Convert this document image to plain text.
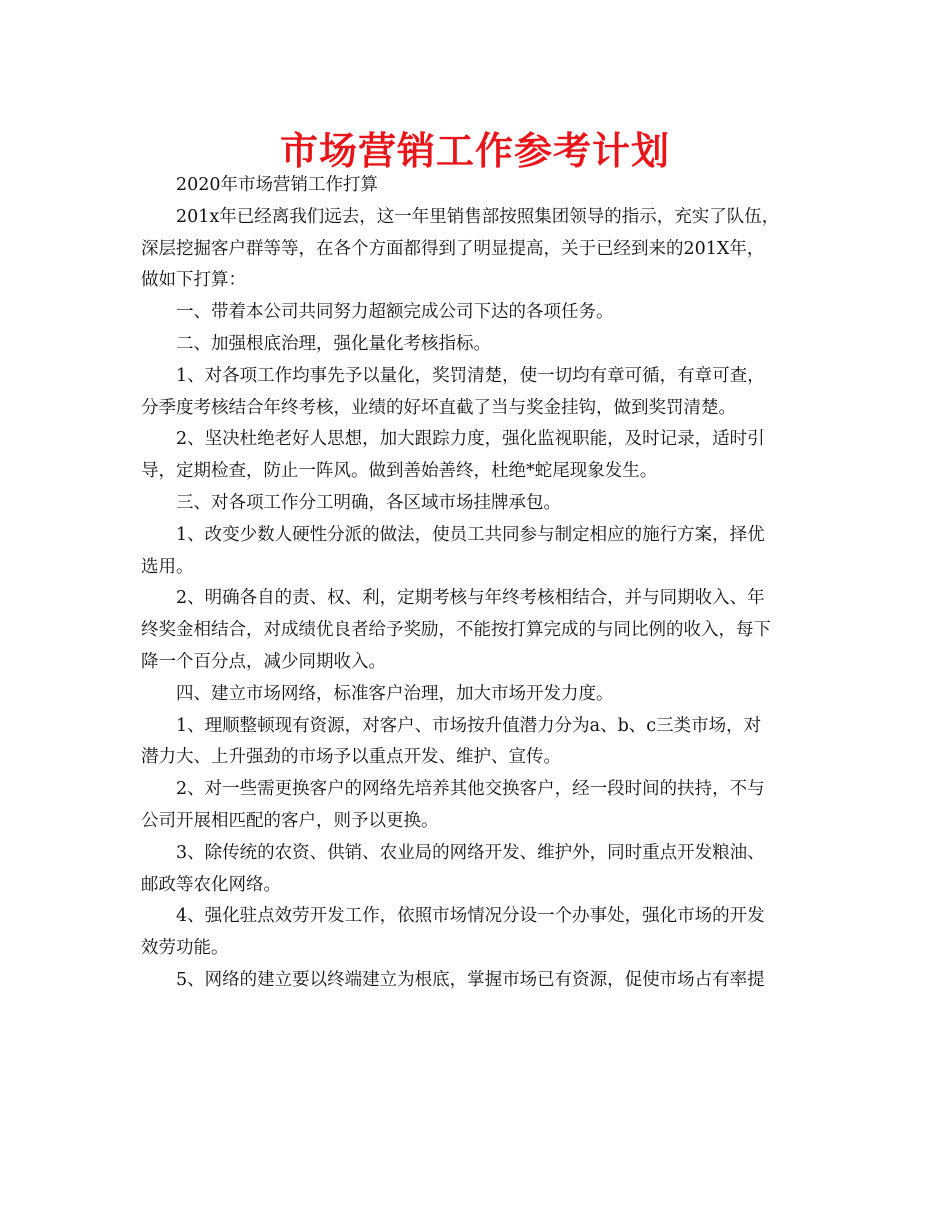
市场营销工作参考计划

2020年市场营销工作打算

201x年已经离我们远去，这一年里销售部按照集团领导的指示，充实了队伍，
深层挖掘客户群等等，在各个方面都得到了明显提高，关于已经到来的201X年，
做如下打算：

一、带着本公司共同努力超额完成公司下达的各项任务。

二、加强根底治理，强化量化考核指标。

1、对各项工作均事先予以量化，奖罚清楚，使一切均有章可循，有章可查，
分季度考核结合年终考核，业绩的好坏直截了当与奖金挂钩，做到奖罚清楚。

2、坚决杜绝老好人思想，加大跟踪力度，强化监视职能，及时记录，适时引
导，定期检查，防止一阵风。做到善始善终，杜绝*蛇尾现象发生。

三、对各项工作分工明确，各区域市场挂牌承包。

1、改变少数人硬性分派的做法，使员工共同参与制定相应的施行方案，择优
选用。

2、明确各自的责、权、利，定期考核与年终考核相结合，并与同期收入、年
终奖金相结合，对成绩优良者给予奖励，不能按打算完成的与同比例的收入，每下
降一个百分点，减少同期收入。

四、建立市场网络，标准客户治理，加大市场开发力度。

1、理顺整顿现有资源，对客户、市场按升值潜力分为a、b、c三类市场，对
潜力大、上升强劲的市场予以重点开发、维护、宣传。

2、对一些需更换客户的网络先培养其他交换客户，经一段时间的扶持，不与
公司开展相匹配的客户，则予以更换。

3、除传统的农资、供销、农业局的网络开发、维护外，同时重点开发粮油、
邮政等农化网络。

4、强化驻点效劳开发工作，依照市场情况分设一个办事处，强化市场的开发
效劳功能。

5、网络的建立要以终端建立为根底，掌握市场已有资源，促使市场占有率提
